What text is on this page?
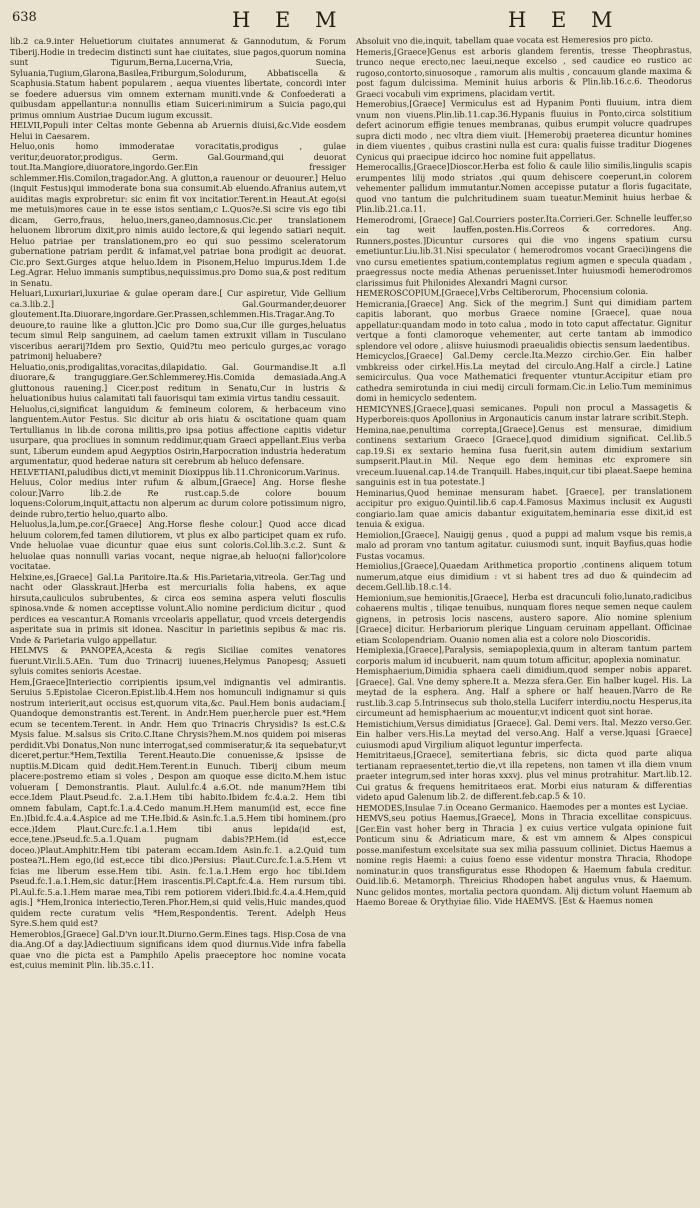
638	H E M	H E M

lib.2 ca.9.inter Heluetiorum ciuitates annumerat & Gannodutum, & Forum Tiberij.Hodie in tredecim distincti sunt hae ciuitates, siue pagos,quorum nomina sunt Tigurum,Berna,Lucerna,Vria, Suecia, Syluania,Tugium,Glarona,Basilea,Friburgum,Solodurum, Abbatiscella & Scaphusia.Statum habent popularem , aequa viuentes libertate, concordi inter se foedere aduersus vim omnem externam muniti.vnde & Confoederati a quibusdam appellantur:a nonnullis etiam Suiceri:nimirum a Suicia pago,qui primus omnium Austriae Ducum iugum excussit.

HELVII,Populi inter Celtas monte Gebenna ab Aruernis diuisi,&c.Vide eosdem Helui in Caesarem.

Heluo,onis homo immoderatae voracitatis,prodigus , gulae veritur,deuorator,prodigus. Germ. Gal.Gourmand,qui deuorat tout.Ita.Mangiore,diuoratore,ingordo.Ger.Ein fressiger schlemmer.His.Comilon,tragador.Ang. A glutton,a rauenour or deuourer.] Heluo (inquit Festus)qui immoderate bona sua consumit.Ab eluendo.Afranius autem,vt auiditas magis exprobretur: sic enim fit vox incitatior.Terent.in Heaut.At ego(si me metuis)mores caue in te esse istos sentiam,c L.Quos?e.Si scire vis ego tibi dicam, Gerro,fraus, heluo,iners,ganeo,damnosus.Cic.per translationem heluonem librorum dixit,pro nimis auido lectore,& qui legendo satiari nequit. Heluo patriae per translationem,pro eo qui suo pessimo sceleratorum gubernatione patriam perdit & infamat,vel patriae bona prodigit ac deuorat. Cic.pro Sext.Gurges atque heluo.Idem in Pisonem,Heluo impurus.Idem 1.de Leg.Agrar. Heluo immanis sumptibus,nequissimus.pro Domo sua,& post reditum in Senatu.

Heluari,Luxuriari,luxuriae & gulae operam dare.[ Cur aspiretur, Vide Gellium ca.3.lib.2.] Gal.Gourmander,deuorer gloutement.Ita.Diuorare,ingordare.Ger.Prassen,schlemmen.His.Tragar.Ang.To deuoure,to rauine like a glutton.]Cic pro Domo sua,Cur ille gurges,heluatus tecum simul Reip sanguinem, ad caelum tamen extruxit villam in Tusculano visceribus aerarij?Idem pro Sextio, Quid?tu meo periculo gurges,ac vorago patrimonij heluabere?

Heluatio,onis,prodigalitas,voracitas,dilapidatio. Gal. Gourmandise.It a.Il diuorare,& tranguggiare.Ger.Schlemmerey.His.Comida demasiada.Ang.A gluttonous rauening.] Cicer.post reditum in Senatu,Cur in lustris & heluationibus huius calamitati tali fauorisqui tam eximia virtus tandiu cessauit.

Heluolus,ci,significat languidum & femineum colorem, & herbaceum vino languentem.Autor Festus. Sic dicitur ab oris hiatu & oscitatione quam quam Tertullianus in lib.de corona militis,pro ipsa potius affectione capitis videtur usurpare, qua procliues in somnum reddimur,quam Graeci appellant.Eius verba sunt, Liberum eundem apud Aegyptios Osirin,Harpocration industria hederatum argumentatur, quod hederae natura sit cerebrum ab heluco defensare.

HELVETIANI,paludibus dicti,vt meminit Dioxippus lib.11.Chronicorum.Varinus.

Heluus, Color medius inter rufum & album,[Graece] Ang. Horse fleshe colour.]Varro lib.2.de Re rust.cap.5.de colore bouum loquens:Colorum,inquit,attactu non alperum ac durum colore potissimum nigro, deinde rubro,tertio heluo,quarto albo.

Heluolus,la,lum,pe.cor.[Graece] Ang.Horse fleshe colour.] Quod acce dicad heluum colorem,fed tamen dilutiorem, vt plus ex albo participet quam ex rufo. Vnde heluolae vuae dicuntur quae eius sunt coloris.Col.lib.3.c.2. Sunt & heluolae quas nonnulli varias vocant, neque nigrae,ab heluo(ni fallor)colore vocitatae.

Helxine,es,[Graece] Gal.La Paritoire.Ita.& His.Parietaria,vitreola. Ger.Tag und nacht oder Glasskraut.]Herba est mercurialis folia habens, ex aque hirsuta,cauliculos subrubentes, & circa eos semina aspera veluti flosculis spinosa.vnde & nomen acceptisse volunt.Alio nomine perdicium dicitur , quod perdices ea vescantur.A Romanis vrceolaris appellatur, quod vrceis detergendis asperitate sua in primis sit idonea. Nascitur in parietinis sepibus & mac ris. Vnde & Parietaria vulgo appellatur.

HELMVS & PANOPEA,Acesta & regis Siciliae comites venatores fuerunt.Vir.li.5.AEn. Tum duo Trinacrij iuuenes,Helymus Panopesq; Assueti syluis comites senioris Acestae.

Hem,[Graece]Interiectio corripientis ipsum,vel indignantis vel admirantis. Seruius 5.Epistolae Ciceron.Epist.lib.4.Hem nos homunculi indignamur si quis nostrum interierit,aut occisus est,quorum vita,&c. Paul.Hem bonis audaciam.[ Quandoque demonstrantis est.Terent. in Andr.Hem puer,hercle puer est.*Hem ecum se tecentem.Terent. in Andr. Hem quo Trinacris Chrysidis? Is est.C.& Mysis falue. M.salsus sis Crito.C.Itane Chrysis?hem.M.nos quidem poi miseras perdidit.Vbi Donatus,Non nunc interrogat,sed commiseratur,& ita sequebatur,vt diceret,pertur.*Hem,Textilia Terent.Heauto.Die conuenisse,& ipsisse de nuptiis.M.Dicam quid dedit.Hem.Terent.in Eunuch. Tiberij cibum meum placere:postremo etiam si voles , Despon am quoque esse dicito.M.hem istuc volueram [ Demonstrantis. Plaut. Aulul.fc.4 a.6.Ot. nde manum?Hem tibi ecce.Idem Plaut.Pseud.fc. 2.a.1.Hem tibi habito.Ibidem fc.4.a.2. Hem tibi omnem fabulam, Capt.fc.1.a.4.Cedo manum.H.Hem manum(id est, ecce fine En.)Ibid.fc.4.a.4.Aspice ad me T.He.Ibid.& Asin.fc.1.a.5.Hem tibi hominem.(pro ecce.)Idem Plaut.Curc.fc.1.a.1.Hem tibi anus lepida(id est, ecce,tene.)Pseud.fc.5.a.1.Quam pugnam dabis?P.Hem.(id est,ecce doceo.)Plaut.Amphitr.Hem tibi pateram eccam.Idem Asin.fc.1. a.2.Quid tum postea?L.Hem ego,(id est,ecce tibi dico.)Persius: Plaut.Curc.fc.1.a.5.Hem vt fcias me liberum esse.Hem tibi. Asin. fc.1.a.1.Hem ergo hoc tibi.Idem Pseud.fc.1.a.1.Hem,sic datur.[Hem irascentis.Pl.Capt.fc.4.a. Hem rursum tibi. Pl.Aul.fc.5.a.1.Hem marae mea,Tibi rem potiorem videri.Ibid.fc.4.a.4.Hem,quid agis.] *Hem,Ironica interiectio,Teren.Phor.Hem,si quid velis,Huic mandes,quod quidem recte curatum velis *Hem,Respondentis. Terent. Adelph Heus Syre.S.hem quid est?

Hemerobios,[Graece] Gal.D'vn iour.It.Diurno.Germ.Eines tags. Hisp.Cosa de vna dia.Ang.Of a day.]Adiectiuum significans idem quod diurnus.Vide infra fabella quae vno die picta est a Pamphilo Apelis praeceptore hoc nomine vocata est,cuius meminit Plin. lib.35.c.11.

Absoluit vno die,inquit, tabellam quae vocata est Hemeresios pro picto.

Hemeris,[Graece]Genus est arboris glandem ferentis, tresse Theophrastus, trunco neque erecto,nec laeui,neque excelso , sed caudice eo rustico ac rugoso,contorto,sinuosoque , ramorum alis multis , concauum glande maxima & post fagum dulcissima. Meminit huius arboris & Plin.lib.16.c.6. Theodorus Graeci vocabuli vim exprimens, placidam vertit.

Hemerobius,[Graece] Vermiculus est ad Hypanim Ponti fluuium, intra diem vnum non viuens.Plin.lib.11.cap.36.Hypanis fluuius in Ponto,circa solstitium defert acinorum effigie tenues membranas, quibus erumpit volucre quadrupes supra dicti modo , nec vltra diem viuit. [Hemerobij praeterea dicuntur homines in diem viuentes , quibus crastini nulla est cura: qualis fuisse traditur Diogenes Cynicus qui praecipue idcirco hoc nomine fuit appellatus.

Hemerocallis,[Graece]Dioscor.Herba est folio & caule lilio similis,lingulis scapis erumpentes lilij modo striatos ,qui quum dehiscere coeperunt,in colorem vehementer pallidum immutantur.Nomen accepisse putatur a floris fugacitate, quod vno tantum die pulchritudinem suam tueatur.Meminit huius herbae & Plin.lib.21.ca.11.

Hemerodromi, [Graece] Gal.Courriers poster.Ita.Corrieri.Ger. Schnelle leuffer,so ein tag weit lauffen,posten.His.Correos & corredores. Ang. Runners,postes.]Dicuntur cursores qui die vno ingens spatium cursu emetiuntur.Liu.lib.31.Nisi speculator ( hemerodromos vocant Graeci)ingens die vno cursu emetientes spatium,contemplatus regium agmen e specula quadam , praegressus nocte media Athenas peruenisset.Inter huiusmodi hemerodromos clarissimus fuit Philonides Alexandri Magni cursor.

HEMEROSCOPIUM,[Graece],Vrbs Celtiberorum, Phocensium colonia.

Hemicrania,[Graece] Ang. Sick of the megrim.] Sunt qui dimidiam partem capitis laborant, quo morbus Graece nomine [Graece], quae noua appellatur:quandam modo in toto calua , modo in toto caput affectatur. Gignitur vertque a fonti clamoroque vehementer, aut certe tantam ab immodico splendore vel odore , aliisve huiusmodi praeualidis obiectis sensum laedentibus.

Hemicyclos,[Graece] Gal.Demy cercle.Ita.Mezzo circhio.Ger. Ein halber vmbkreiss oder cirkel.His.La meytad del circulo.Ang.Half a circle.] Latine semicirculus. Qua voce Mathematici frequenter vtuntur.Accipitur etiam pro cathedra semirotunda in ciui medij circuli formam.Cic.in Lelio.Tum meminimus domi in hemicyclo sedentem.

HEMICYNES,[Graece],quasi semicanes. Populi non procul a Massagetis & Hyperboreis:quos Apollonius in Argonauticis canum instar latrare scribit.Steph.

Hemina,nae,penultima correpta,[Graece].Genus est mensurae, dimidium continens sextarium Graeco [Graece],quod dimidium significat. Cel.lib.5 cap.19.Si ex sextario hemina fusa fuerit,sin autem dimidium sextarium sumpserit.Plaut.in Mil. Neque ego dem heminas etc expromere sin vreceum.Iuuenal.cap.14.de Tranquill. Habes,inquit,cur tibi plaeat.Saepe hemina sanguinis est in tua potestate.]

Heminarius,Quod heminae mensuram habet. [Graece], per translationem accipitur pro exiguo.Quintil.lib.6 cap.4.Famosus Maximus inclusit ex Augusti congiario.Iam quae amicis dabantur exiguitatem,heminaria esse dixit,id est tenuia & exigua.

Hemiolion,[Graece], Nauigij genus , quod a puppi ad malum vsque bis remis,a malo ad proram vno tantum agitatur. cuiusmodi sunt, inquit Bayfius,quas hodie Fustas vocamus.

Hemiolius,[Graece],Quaedam Arithmetica proportio ,continens aliquem totum numerum,atque eius dimidium : vt si habent tres ad duo & quindecim ad decem.Gell.lib.18.c.14.

Hemionium,sue hemionitis,[Graece], Herba est dracunculi folio,lunato,radicibus cohaerens multis , tiliqae tenuibus, nunquam flores neque semen neque caulem gignens, in petrosis locis nascens, austero sapore. Alio nomine splenium [Graece] dicitur. Herbariorum plerique Linguam ceruinam appellant. Officinae etiam Scolopendriam. Ouanio nomen alia est a colore nolo Dioscoridis.

Hemiplexia,[Graece],Paralysis, semiapoplexia,quum in alteram tantum partem corporis malum id incubuerit, nam quum totum afficitur, apoplexia nominatur.

Hemisphaerium,Dimidia sphaera caeli dimidium,quod semper nobis apparet.[Graece]. Gal. Vne demy sphere.It a. Mezza sfera.Ger. Ein halber kugel. His. La meytad de la esphera. Ang. Half a sphere or half heauen.]Varro de Re rust.lib.3.cap 5.Intrinsecus sub tholo,stella Luciferr interdiu,noctu Hesperus,ita circumeunt ad hemisphaerium ac mouentur,vt indicent quot sint horae.

Hemistichium,Versus dimidiatus [Graece]. Gal. Demi vers. Ital. Mezzo verso.Ger. Ein halber vers.His.La meytad del verso.Ang. Half a verse.]quasi [Graece] cuiusmodi apud Virgilium aliquot leguntur imperfecta.

Hemitritaeus,[Graece], semitertiana febris, sic dicta quod parte aliqua tertianam repraesentet,tertio die,vt illa repetens, non tamen vt illa diem vnum praeter integrum,sed inter horas xxxvj. plus vel minus protrahitur. Mart.lib.12. Cui gratus & frequens hemitritaeos erat. Morbi eius naturam & differentias videto apud Galenum lib.2. de different.feb.cap.5 & 10.

HEMODES,Insulae 7.in Oceano Germanico. Haemodes per a montes est Lyciae.

HEMVS,seu potius Haemus,[Graece], Mons in Thracia excellitae conspicuus.[Ger.Ein vast hoher berg in Thracia ] ex cuius vertice vulgata opinione fuit Ponticum sinu & Adriaticum mare, & est vm amnem & Alpes conspicui posse.manifestum excelsitate sua sex milia passuum colliniet. Dictus Haemus a nomine regis Haemi: a cuius foeno esse videntur monstra Thracia, Rhodope nominatur.in quos transfiguratus esse Rhodopen & Haemum fabula creditur. Ouid.lib.6. Metamorph. Threicius Rhodopen habet angulus vnus, & Haemum. Nunc gelidos montes, mortalia pectora quondam. Alij dictum volunt Haemum ab Haemo Boreae & Orythyiae filio. Vide HAEMVS. [Est & Haemus nomen
